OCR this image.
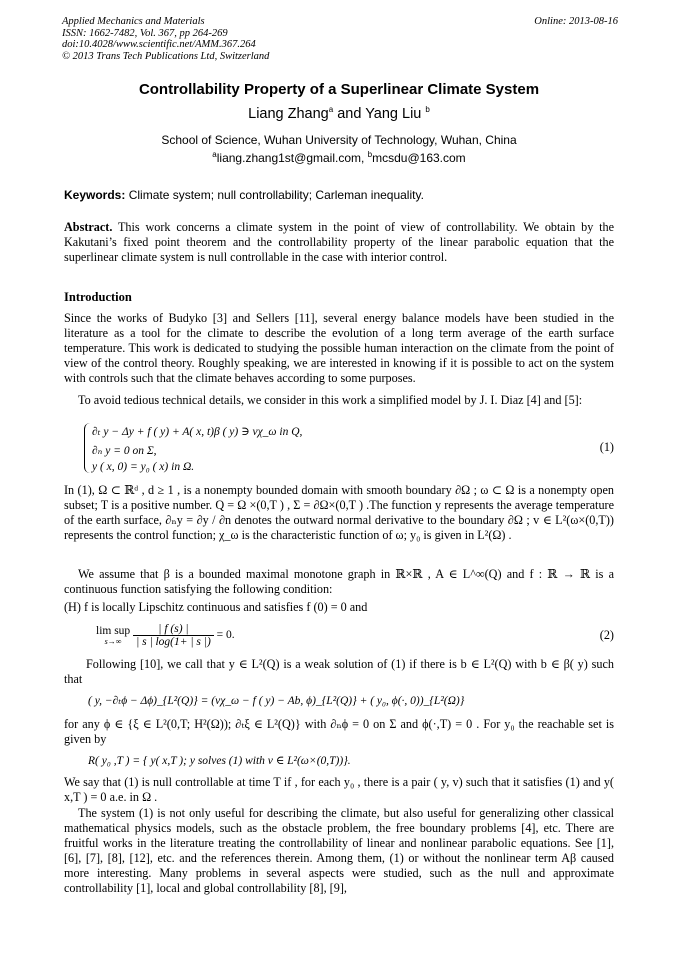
Applied Mechanics and Materials
ISSN: 1662-7482, Vol. 367, pp 264-269
doi:10.4028/www.scientific.net/AMM.367.264
© 2013 Trans Tech Publications Ltd, Switzerland
Online: 2013-08-16
Controllability Property of a Superlinear Climate System
Liang Zhang$^a$ and Yang Liu $^b$
School of Science, Wuhan University of Technology, Wuhan, China
$^a$liang.zhang1st@gmail.com, $^b$mcsdu@163.com
Keywords: Climate system; null controllability; Carleman inequality.

Abstract. This work concerns a climate system in the point of view of controllability. We obtain by the Kakutani’s fixed point theorem and the controllability property of the linear parabolic equation that the superlinear climate system is null controllable in the case with interior control.

Introduction

Since the works of Budyko [3] and Sellers [11], several energy balance models have been studied in the literature as a tool for the climate to describe the evolution of a long term average of the earth surface temperature. This work is dedicated to studying the possible human interaction on the climate from the point of view of the control theory. Roughly speaking, we are interested in knowing if it is possible to act on the system with controls such that the climate behaves according to some purposes.

To avoid tedious technical details, we consider in this work a simplified model by J. I. Diaz [4] and [5]:

∂ₜ y − Δy + f ( y) + A( x, t)β ( y) ∋ vχ_ω in Q,
∂ₙ y = 0 on Σ,
y ( x, 0) = y₀ ( x) in Ω.
(1)

In (1), Ω ⊂ ℝᵈ , d ≥ 1 , is a nonempty bounded domain with smooth boundary ∂Ω ; ω ⊂ Ω is a nonempty open subset; T is a positive number. Q = Ω ×(0,T ) , Σ = ∂Ω×(0,T ) .The function y represents the average temperature of the earth surface, ∂ₙy = ∂y / ∂n denotes the outward normal derivative to the boundary ∂Ω ; v ∈ L²(ω×(0,T)) represents the control function; χ_ω is the characteristic function of ω; y₀ is given in L²(Ω) .

We assume that β is a bounded maximal monotone graph in ℝ×ℝ , A ∈ L^∞(Q) and f : ℝ → ℝ is a continuous function satisfying the following condition:

(H) f is locally Lipschitz continuous and satisfies f (0) = 0 and

lim sup
s→∞
	$\frac{| f (s) |}{| s | \log(1+ | s |)} = 0$.	(2)

Following [10], we call that y ∈ L²(Q) is a weak solution of (1) if there is b ∈ L²(Q) with b ∈ β( y) such that

( y, −∂ₜϕ − Δϕ)_{L²(Q)} = (vχ_ω − f ( y) − Ab, ϕ)_{L²(Q)} + ( y₀, ϕ(·, 0))_{L²(Ω)}

for any ϕ ∈ {ξ ∈ L²(0,T; H²(Ω)); ∂ₜξ ∈ L²(Q)} with ∂ₙϕ = 0 on Σ and ϕ(·,T) = 0 . For y₀ the reachable set is given by

R( y₀ ,T ) = { y( x,T ); y solves (1) with v ∈ L²(ω×(0,T))}.

We say that (1) is null controllable at time T if , for each y₀ , there is a pair ( y, v) such that it satisfies (1) and y( x,T ) = 0 a.e. in Ω .

The system (1) is not only useful for describing the climate, but also useful for generalizing other classical mathematical physics models, such as the obstacle problem, the free boundary problems [4], etc. There are fruitful works in the literature treating the controllability of linear and nonlinear parabolic equations. See [1], [6], [7], [8], [12], etc. and the references therein. Among them, (1) or without the nonlinear term Aβ caused more interesting. Many problems in several aspects were studied, such as the null and approximate controllability [1], local and global controllability [8], [9],
